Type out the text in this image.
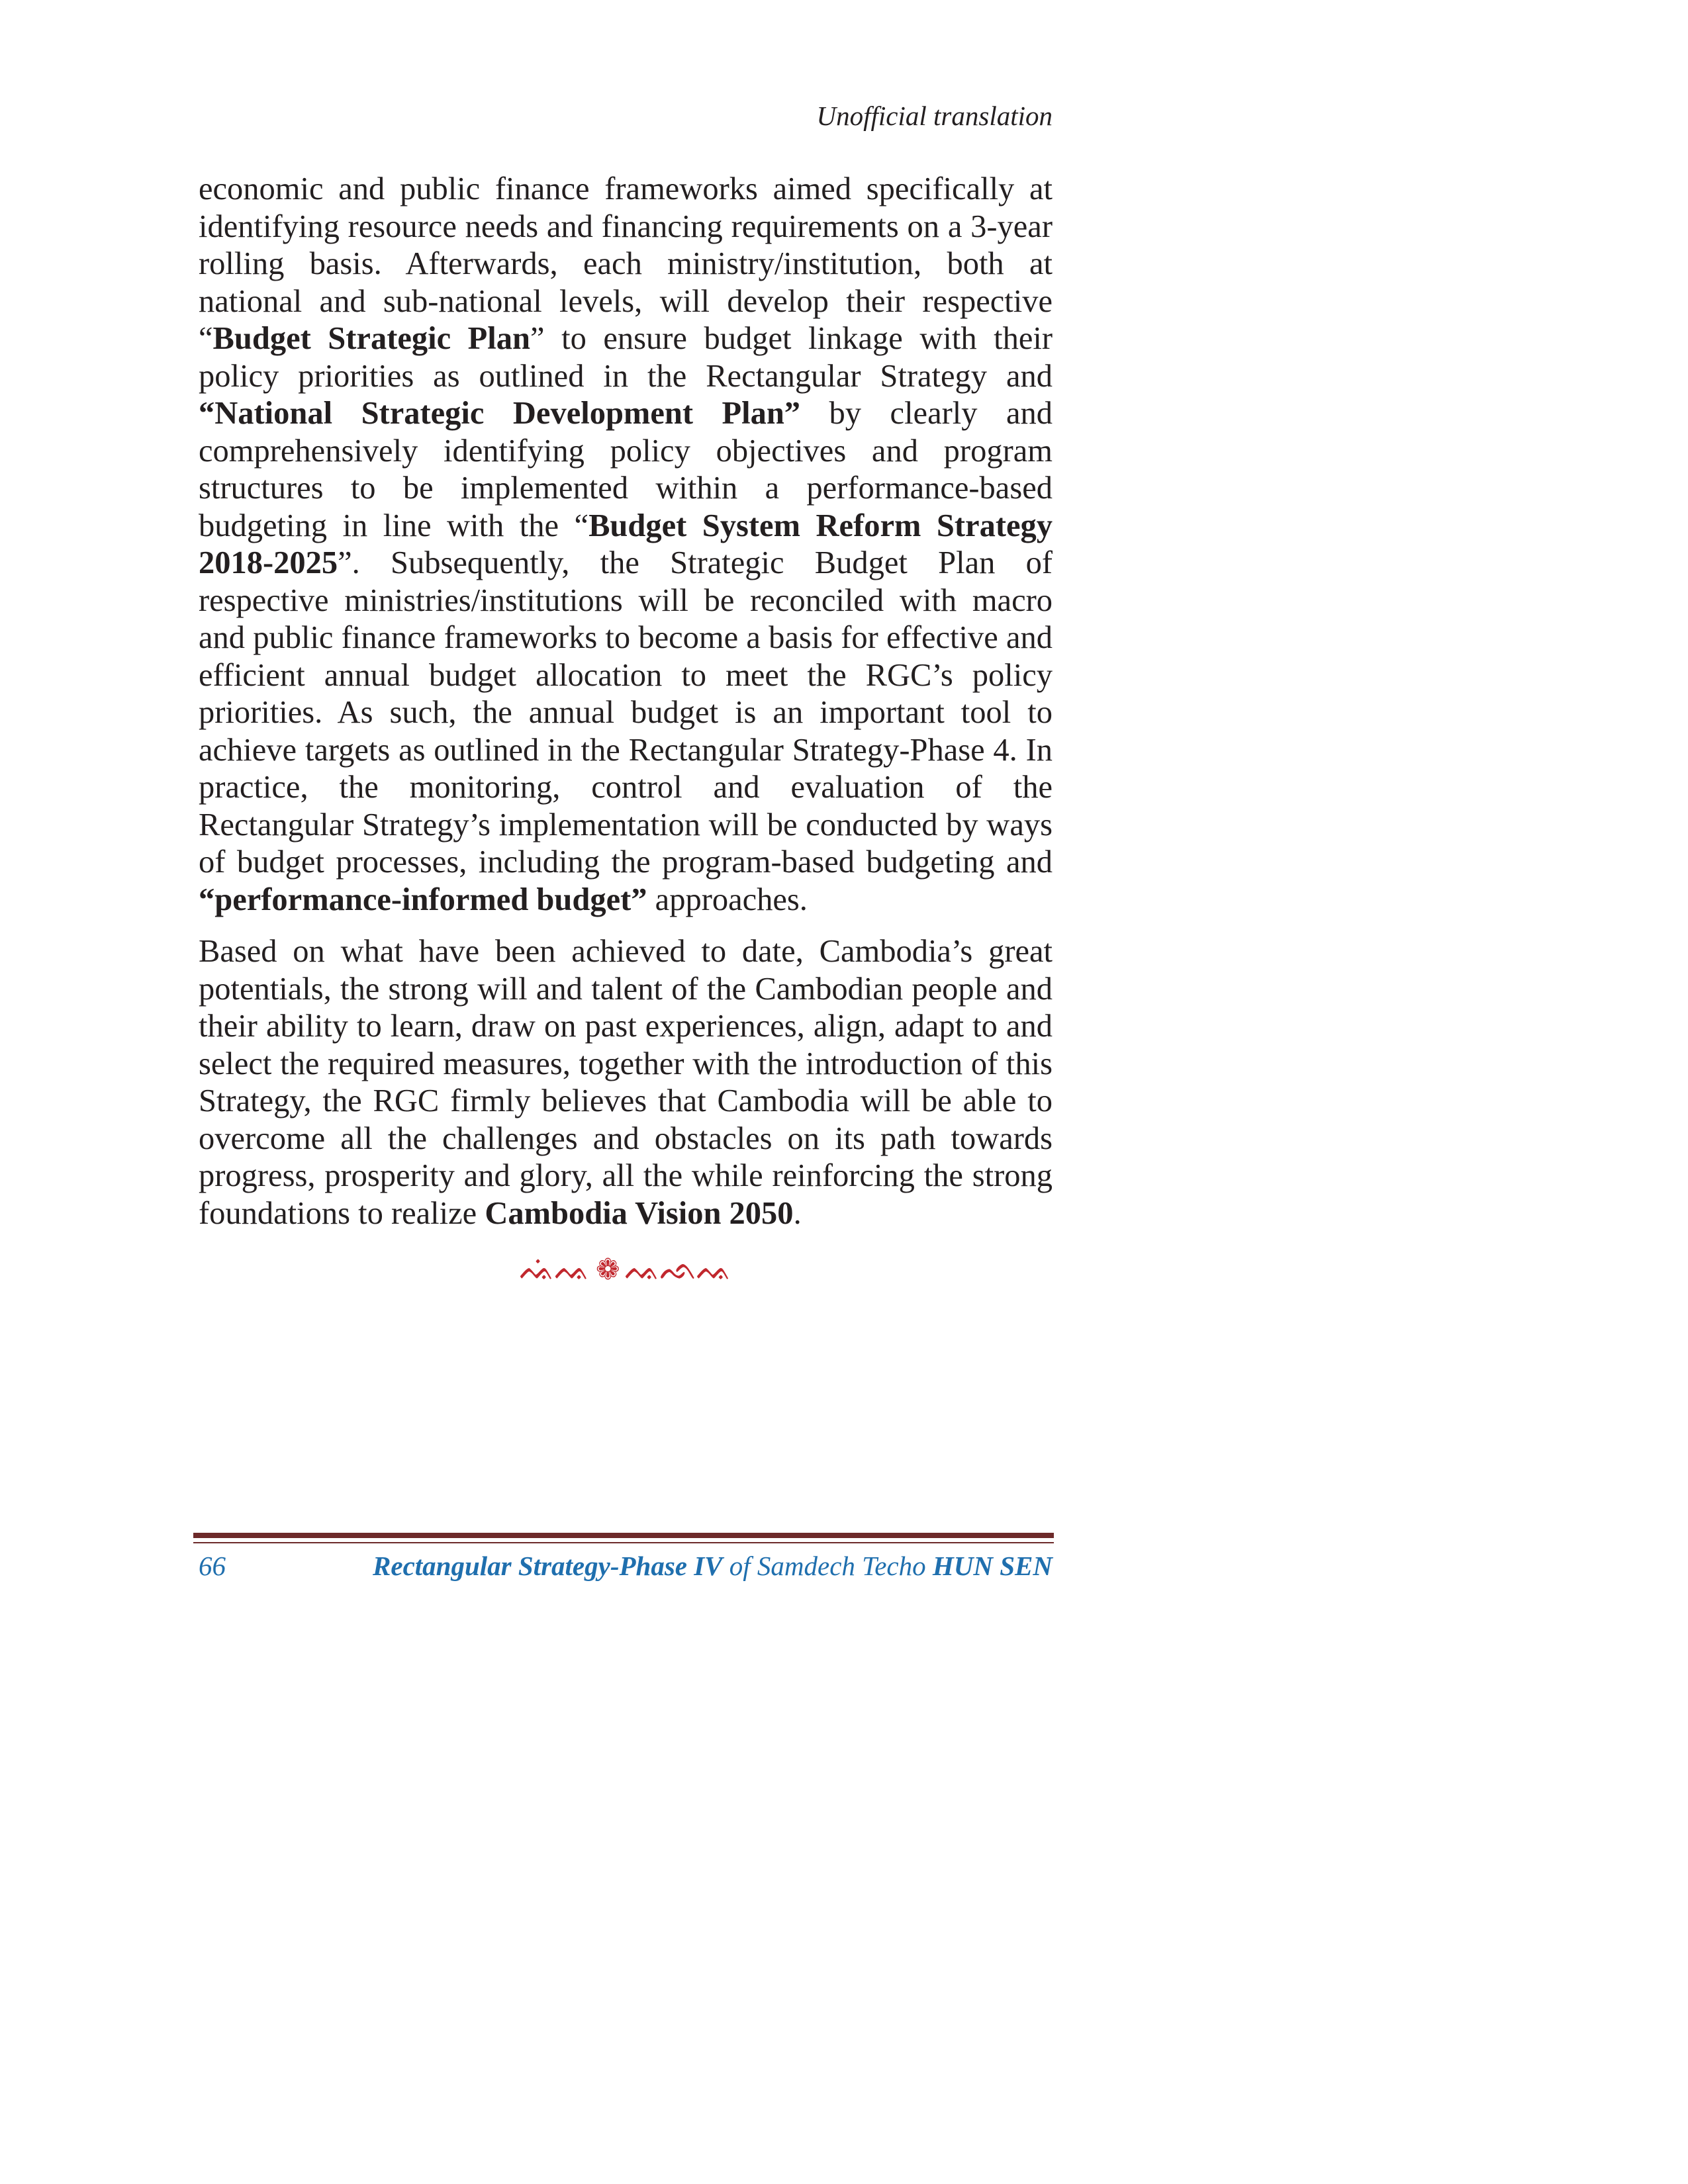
Unofficial translation

economic and public finance frameworks aimed specifically at identifying resource needs and financing requirements on a 3-year rolling basis. Afterwards, each ministry/institution, both at national and sub-national levels, will develop their respective “Budget Strategic Plan” to ensure budget linkage with their policy priorities as outlined in the Rectangular Strategy and “National Strategic Development Plan” by clearly and comprehensively identifying policy objectives and program structures to be implemented within a performance-based budgeting in line with the “Budget System Reform Strategy 2018-2025”. Subsequently, the Strategic Budget Plan of respective ministries/institutions will be reconciled with macro and public finance frameworks to become a basis for effective and efficient annual budget allocation to meet the RGC’s policy priorities. As such, the annual budget is an important tool to achieve targets as outlined in the Rectangular Strategy-Phase 4. In practice, the monitoring, control and evaluation of the Rectangular Strategy’s implementation will be conducted by ways of budget processes, including the program-based budgeting and “performance-informed budget” approaches.

Based on what have been achieved to date, Cambodia’s great potentials, the strong will and talent of the Cambodian people and their ability to learn, draw on past experiences, align, adapt to and select the required measures, together with the introduction of this Strategy, the RGC firmly believes that Cambodia will be able to overcome all the challenges and obstacles on its path towards progress, prosperity and glory, all the while reinforcing the strong foundations to realize Cambodia Vision 2050.

ᨕᨗᨕ ❁ ᨕᨒᨕ
66	Rectangular Strategy-Phase IV of Samdech Techo HUN SEN
